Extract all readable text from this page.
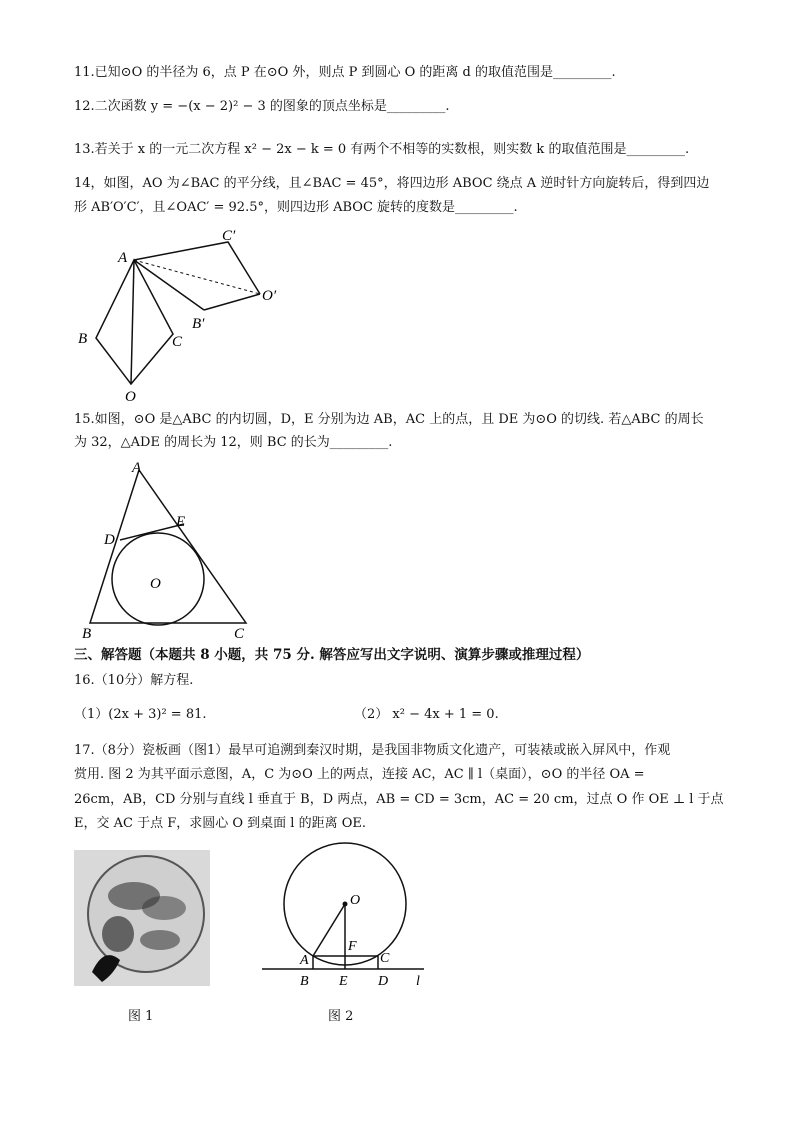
11.已知⊙O 的半径为 6，点 P 在⊙O 外，则点 P 到圆心 O 的距离 d 的取值范围是_________.
12.二次函数 y = −(x − 2)² − 3 的图象的顶点坐标是_________.
13.若关于 x 的一元二次方程 x² − 2x − k = 0 有两个不相等的实数根，则实数 k 的取值范围是_________.
14，如图，AO 为∠BAC 的平分线，且∠BAC = 45°，将四边形 ABOC 绕点 A 逆时针方向旋转后，得到四边
形 AB′O′C′，且∠OAC′ = 92.5°，则四边形 ABOC 旋转的度数是_________.
A
B	C
O
C′
B′
O′
15.如图，⊙O 是△ABC 的内切圆，D，E 分别为边 AB，AC 上的点，且 DE 为⊙O 的切线. 若△ABC 的周长
为 32，△ADE 的周长为 12，则 BC 的长为_________.
A
B	C
D
E
O
三、解答题（本题共 8 小题，共 75 分. 解答应写出文字说明、演算步骤或推理过程）
16.（10分）解方程.
（1）(2x + 3)² = 81.	（2） x² − 4x + 1 = 0.
17.（8分）瓷板画（图1）最早可追溯到秦汉时期，是我国非物质文化遗产，可装裱或嵌入屏风中，作观
赏用. 图 2 为其平面示意图，A，C 为⊙O 上的两点，连接 AC，AC ∥ l（桌面），⊙O 的半径 OA =
26cm，AB，CD 分别与直线 l 垂直于 B，D 两点，AB = CD = 3cm，AC = 20 cm，过点 O 作 OE ⊥ l 于点
E，交 AC 于点 F，求圆心 O 到桌面 l 的距离 OE.
O
A	C
F
B E D l
图 1	图 2
